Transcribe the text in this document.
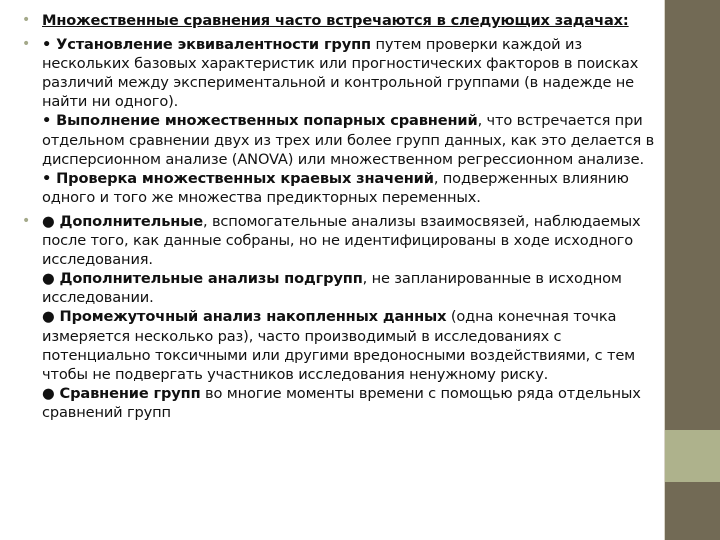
• Множественные сравнения часто встречаются в следующих задачах:
• • Установление эквивалентности групп путем проверки каждой из нескольких базовых характеристик или прогностических факторов в поисках различий между экспериментальной и контрольной группами (в надежде не найти ни одного).
• Выполнение множественных попарных сравнений, что встречается при отдельном сравнении двух из трех или более групп данных, как это делается в дисперсионном анализе (ANOVA) или множественном регрессионном анализе.
• Проверка множественных краевых значений, подверженных влиянию одного и того же множества предикторных переменных.
• ● Дополнительные, вспомогательные анализы взаимосвязей, наблюдаемых после того, как данные собраны, но не идентифицированы в ходе исходного исследования.
● Дополнительные анализы подгрупп, не запланированные в исходном исследовании.
● Промежуточный анализ накопленных данных (одна конечная точка измеряется несколько раз), часто производимый в исследованиях с потенциально токсичными или другими вредоносными воздействиями, с тем чтобы не подвергать участников исследования ненужному риску.
● Сравнение групп во многие моменты времени с помощью ряда отдельных сравнений групп
